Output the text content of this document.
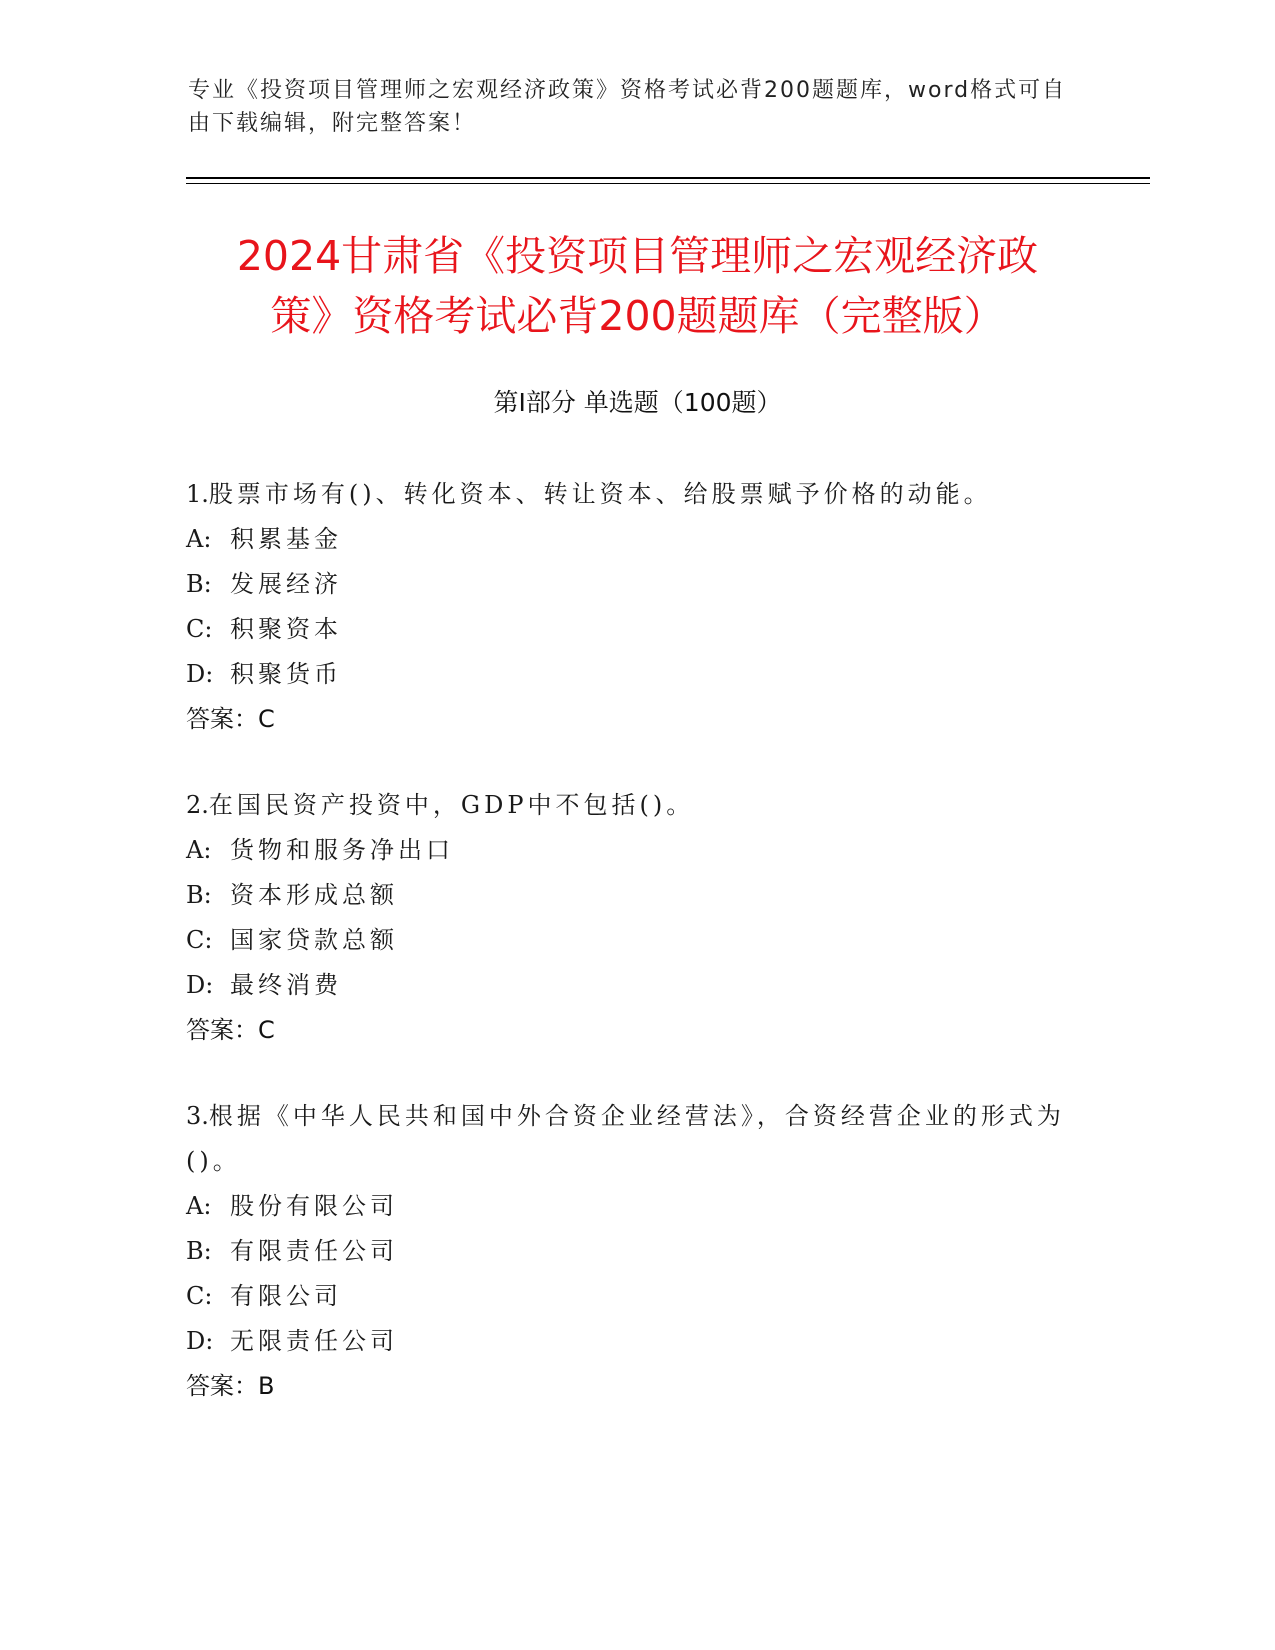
专业《投资项目管理师之宏观经济政策》资格考试必背200题题库，word格式可自由下载编辑，附完整答案！
2024甘肃省《投资项目管理师之宏观经济政
策》资格考试必背200题题库（完整版）
第Ⅰ部分 单选题（100题）
1.股票市场有()、转化资本、转让资本、给股票赋予价格的动能。
A: 积累基金
B: 发展经济
C: 积聚资本
D: 积聚货币
答案：C
2.在国民资产投资中，GDP中不包括()。
A: 货物和服务净出口
B: 资本形成总额
C: 国家贷款总额
D: 最终消费
答案：C
3.根据《中华人民共和国中外合资企业经营法》，合资经营企业的形式为()。
A: 股份有限公司
B: 有限责任公司
C: 有限公司
D: 无限责任公司
答案：B
